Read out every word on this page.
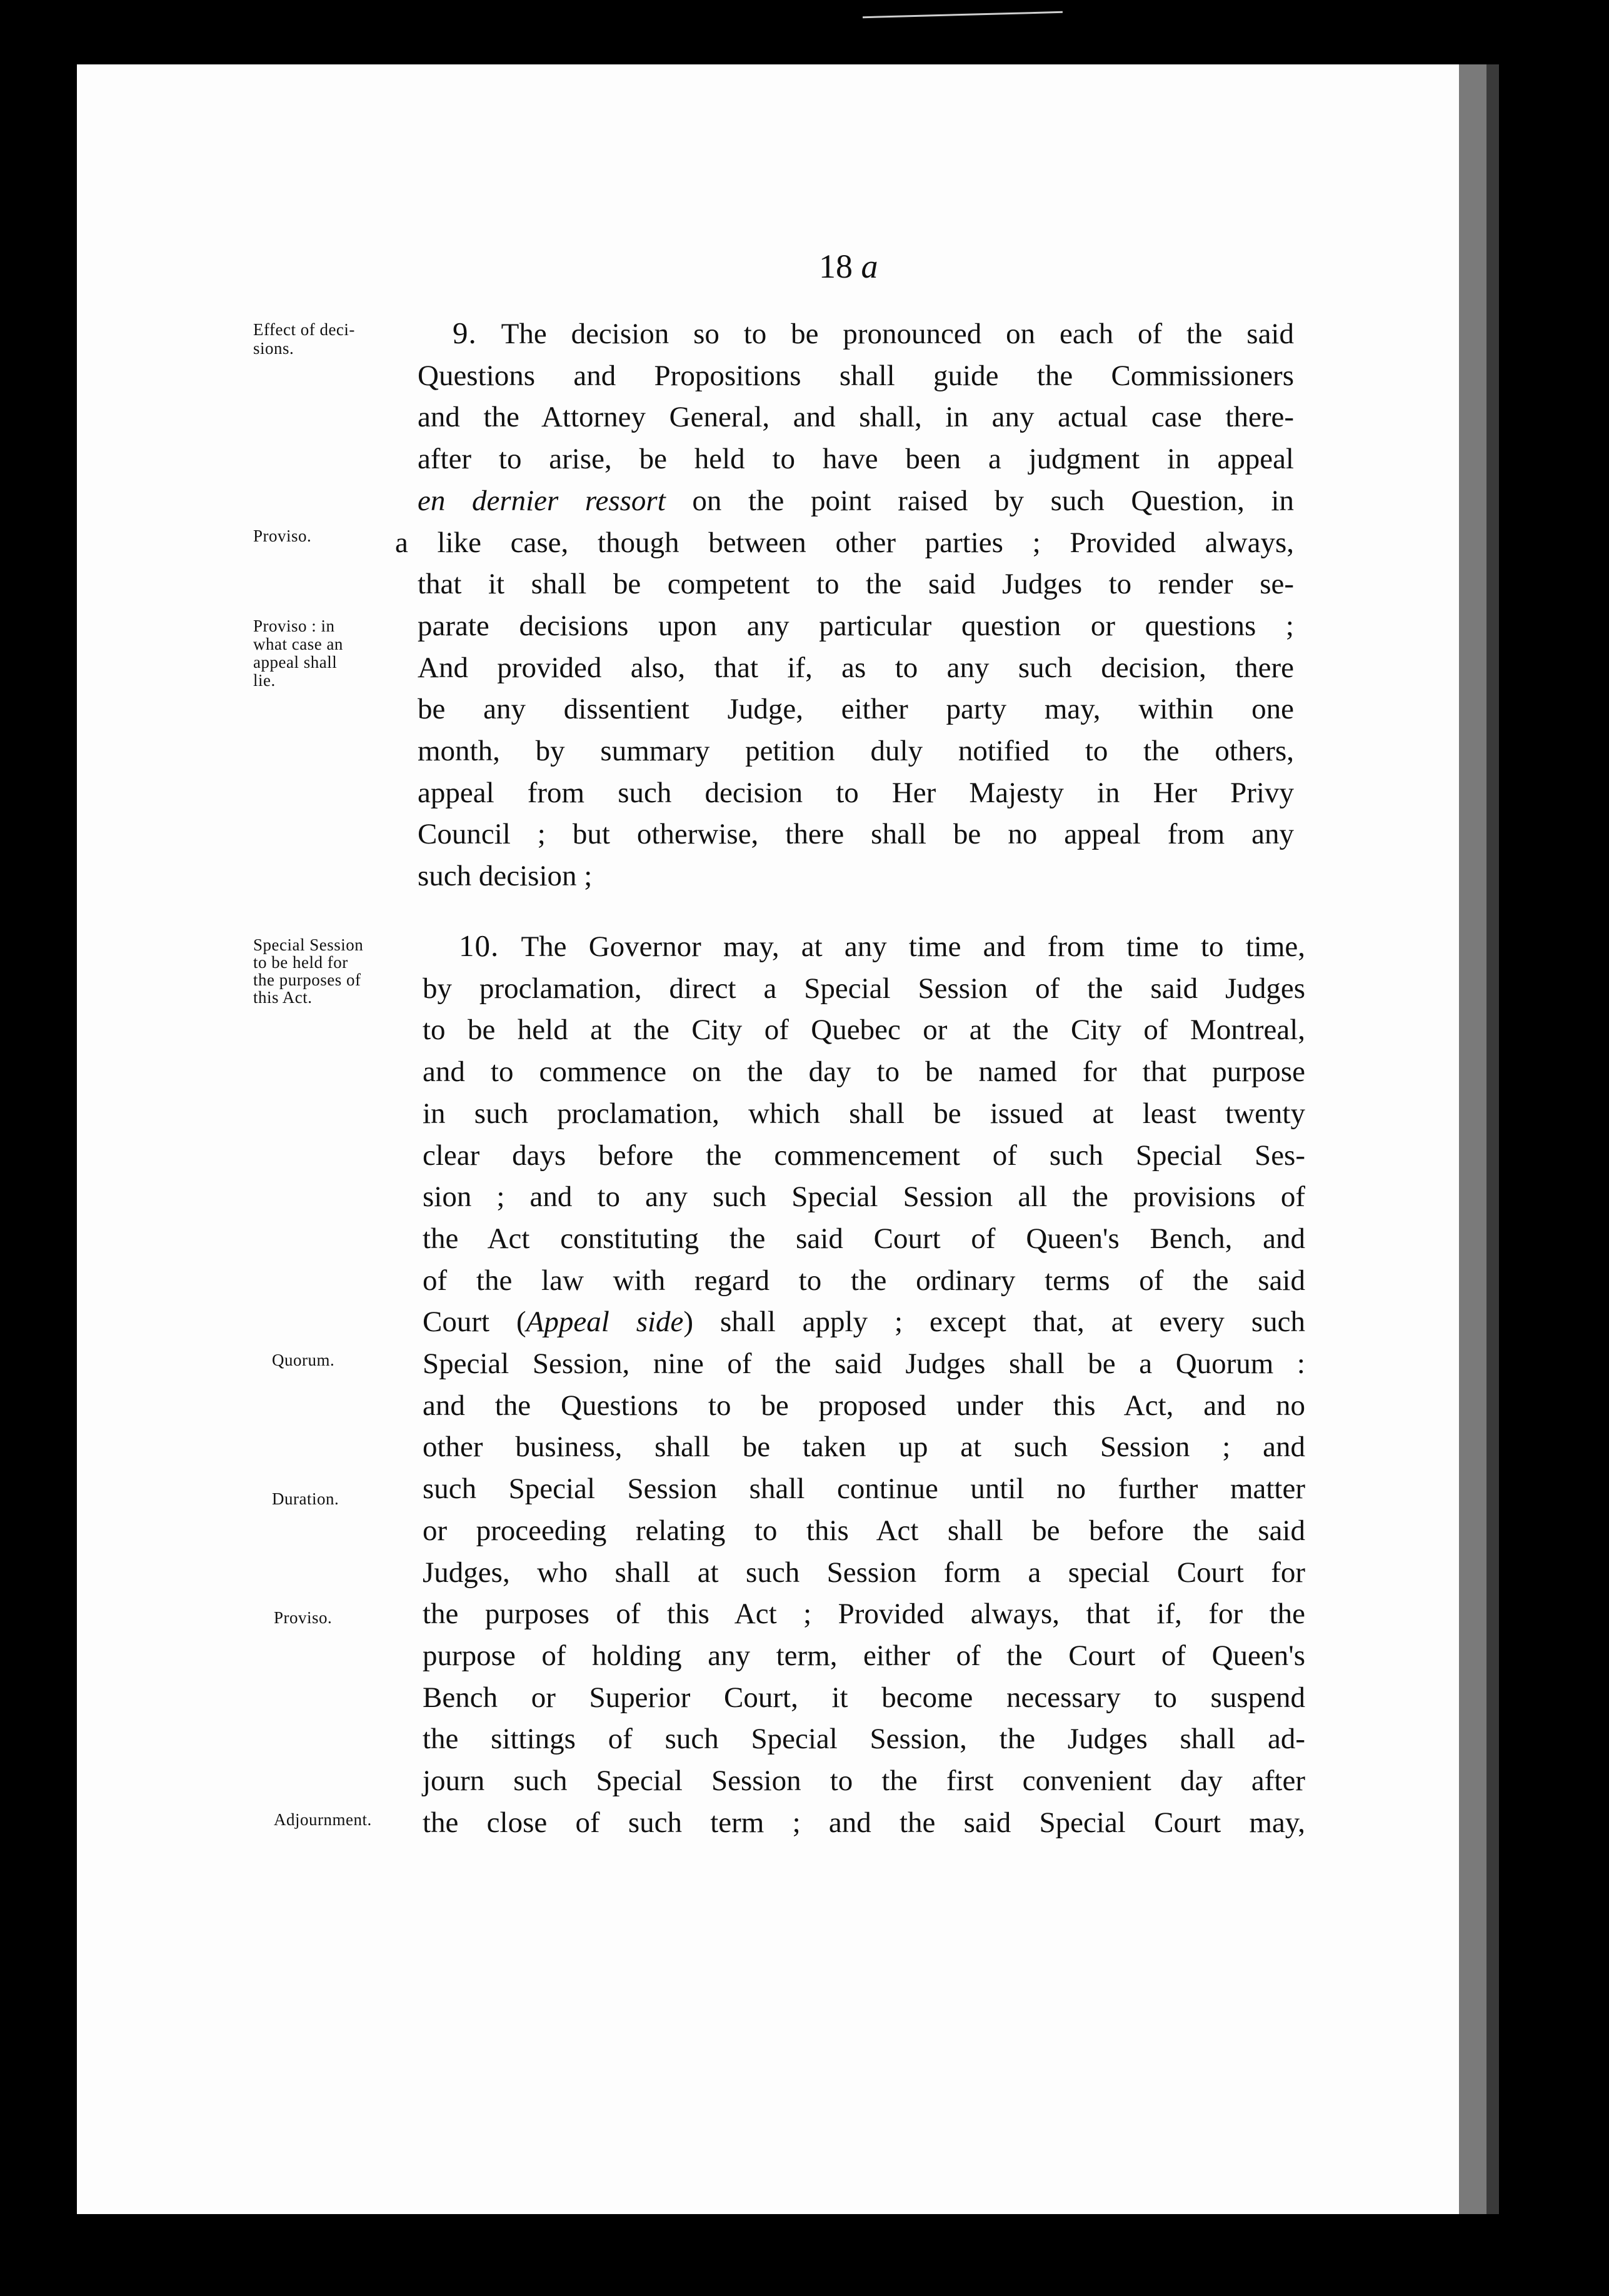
18 a
Effect of deci-
sions.
Proviso.
Proviso : in
what case an
appeal shall
lie.
Special Session
to be held for
the purposes of
this Act.
Quorum.
Duration.
Proviso.
Adjournment.
9. The decision so to be pronounced on each of the said
Questions and Propositions shall guide the Commissioners
and the Attorney General, and shall, in any actual case there-
after to arise, be held to have been a judgment in appeal
en dernier ressort on the point raised by such Question, in
a like case, though between other parties ; Provided always,
that it shall be competent to the said Judges to render se-
parate decisions upon any particular question or questions ;
And provided also, that if, as to any such decision, there
be any dissentient Judge, either party may, within one
month, by summary petition duly notified to the others,
appeal from such decision to Her Majesty in Her Privy
Council ; but otherwise, there shall be no appeal from any
such decision ;
10. The Governor may, at any time and from time to time,
by proclamation, direct a Special Session of the said Judges
to be held at the City of Quebec or at the City of Montreal,
and to commence on the day to be named for that purpose
in such proclamation, which shall be issued at least twenty
clear days before the commencement of such Special Ses-
sion ; and to any such Special Session all the provisions of
the Act constituting the said Court of Queen's Bench, and
of the law with regard to the ordinary terms of the said
Court (Appeal side) shall apply ; except that, at every such
Special Session, nine of the said Judges shall be a Quorum :
and the Questions to be proposed under this Act, and no
other business, shall be taken up at such Session ; and
such Special Session shall continue until no further matter
or proceeding relating to this Act shall be before the said
Judges, who shall at such Session form a special Court for
the purposes of this Act ; Provided always, that if, for the
purpose of holding any term, either of the Court of Queen's
Bench or Superior Court, it become necessary to suspend
the sittings of such Special Session, the Judges shall ad-
journ such Special Session to the first convenient day after
the close of such term ; and the said Special Court may,
